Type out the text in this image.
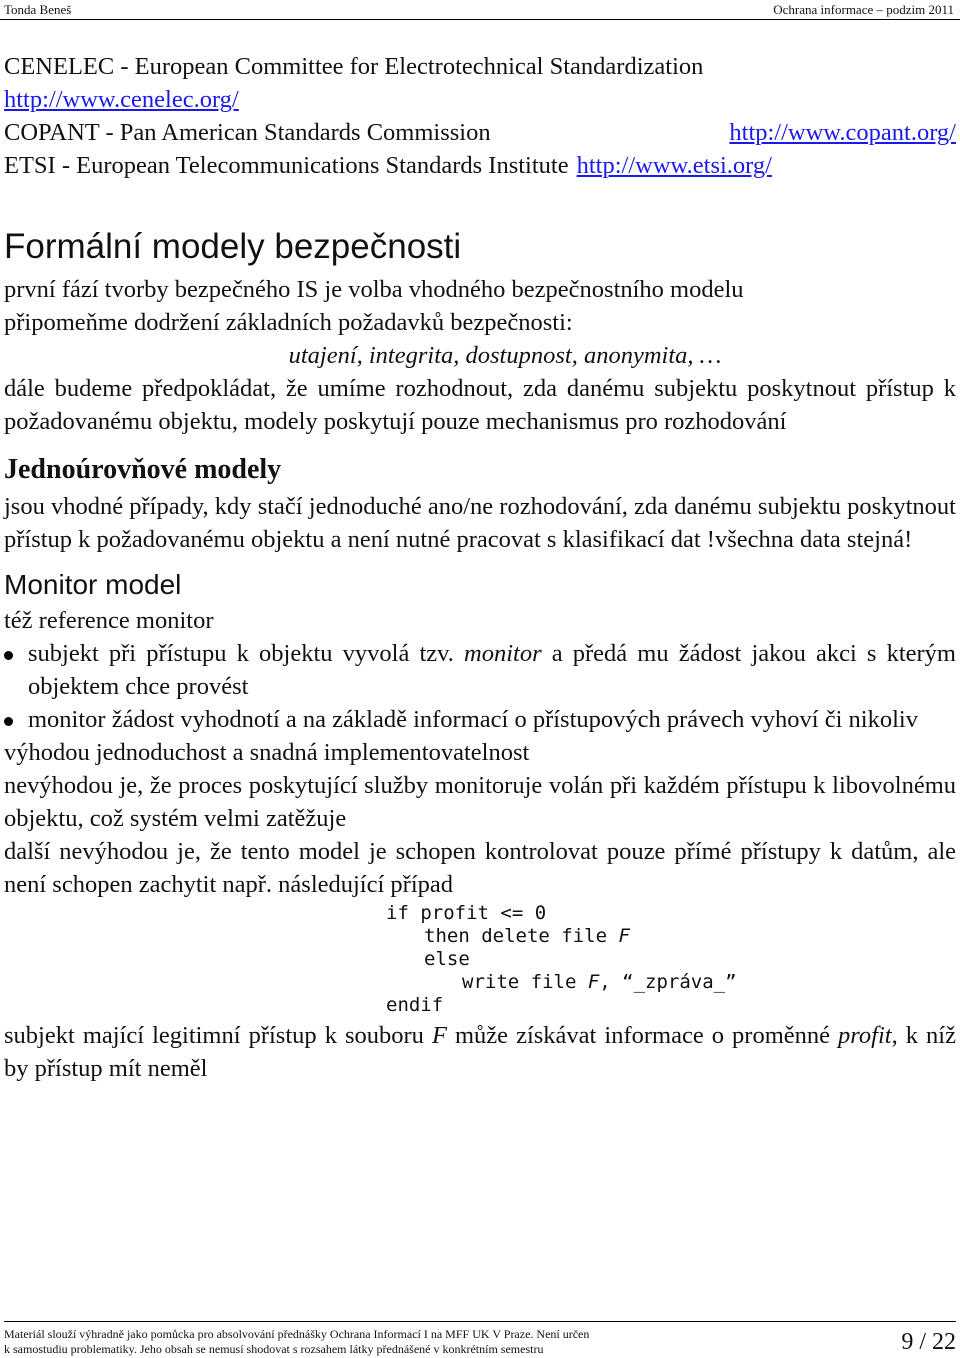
Tonda Beneš	Ochrana informace – podzim 2011
CENELEC - European Committee for Electrotechnical Standardization
http://www.cenelec.org/
COPANT - Pan American Standards Commission	http://www.copant.org/
ETSI - European Telecommunications Standards Institute http://www.etsi.org/
Formální modely bezpečnosti

první fází tvorby bezpečného IS je volba vhodného bezpečnostního modelu

připomeňme dodržení základních požadavků bezpečnosti:

utajení, integrita, dostupnost, anonymita, …

dále budeme předpokládat, že umíme rozhodnout, zda danému subjektu poskytnout přístup k požadovanému objektu, modely poskytují pouze mechanismus pro rozhodování

Jednoúrovňové modely

jsou vhodné případy, kdy stačí jednoduché ano/ne rozhodování, zda danému subjektu poskytnout přístup k požadovanému objektu a není nutné pracovat s klasifikací dat !všechna data stejná!

Monitor model

též reference monitor

subjekt při přístupu k objektu vyvolá tzv. monitor a předá mu žádost jakou akci s kterým objektem chce provést
monitor žádost vyhodnotí a na základě informací o přístupových právech vyhoví či nikoliv

výhodou jednoduchost a snadná implementovatelnost

nevýhodou je, že proces poskytující služby monitoruje volán při každém přístupu k libovolnému objektu, což systém velmi zatěžuje

další nevýhodou je, že tento model je schopen kontrolovat pouze přímé přístupy k datům, ale není schopen zachytit např. následující případ

if profit <= 0
then delete file F
else
write file F, “_zpráva_”
endif

subjekt mající legitimní přístup k souboru F může získávat informace o proměnné profit, k níž by přístup mít neměl

Materiál slouží výhradně jako pomůcka pro absolvování přednášky Ochrana Informací I na MFF UK V Praze. Není určen
k samostudiu problematiky. Jeho obsah se nemusí shodovat s rozsahem látky přednášené v konkrétním semestru	9 / 22
